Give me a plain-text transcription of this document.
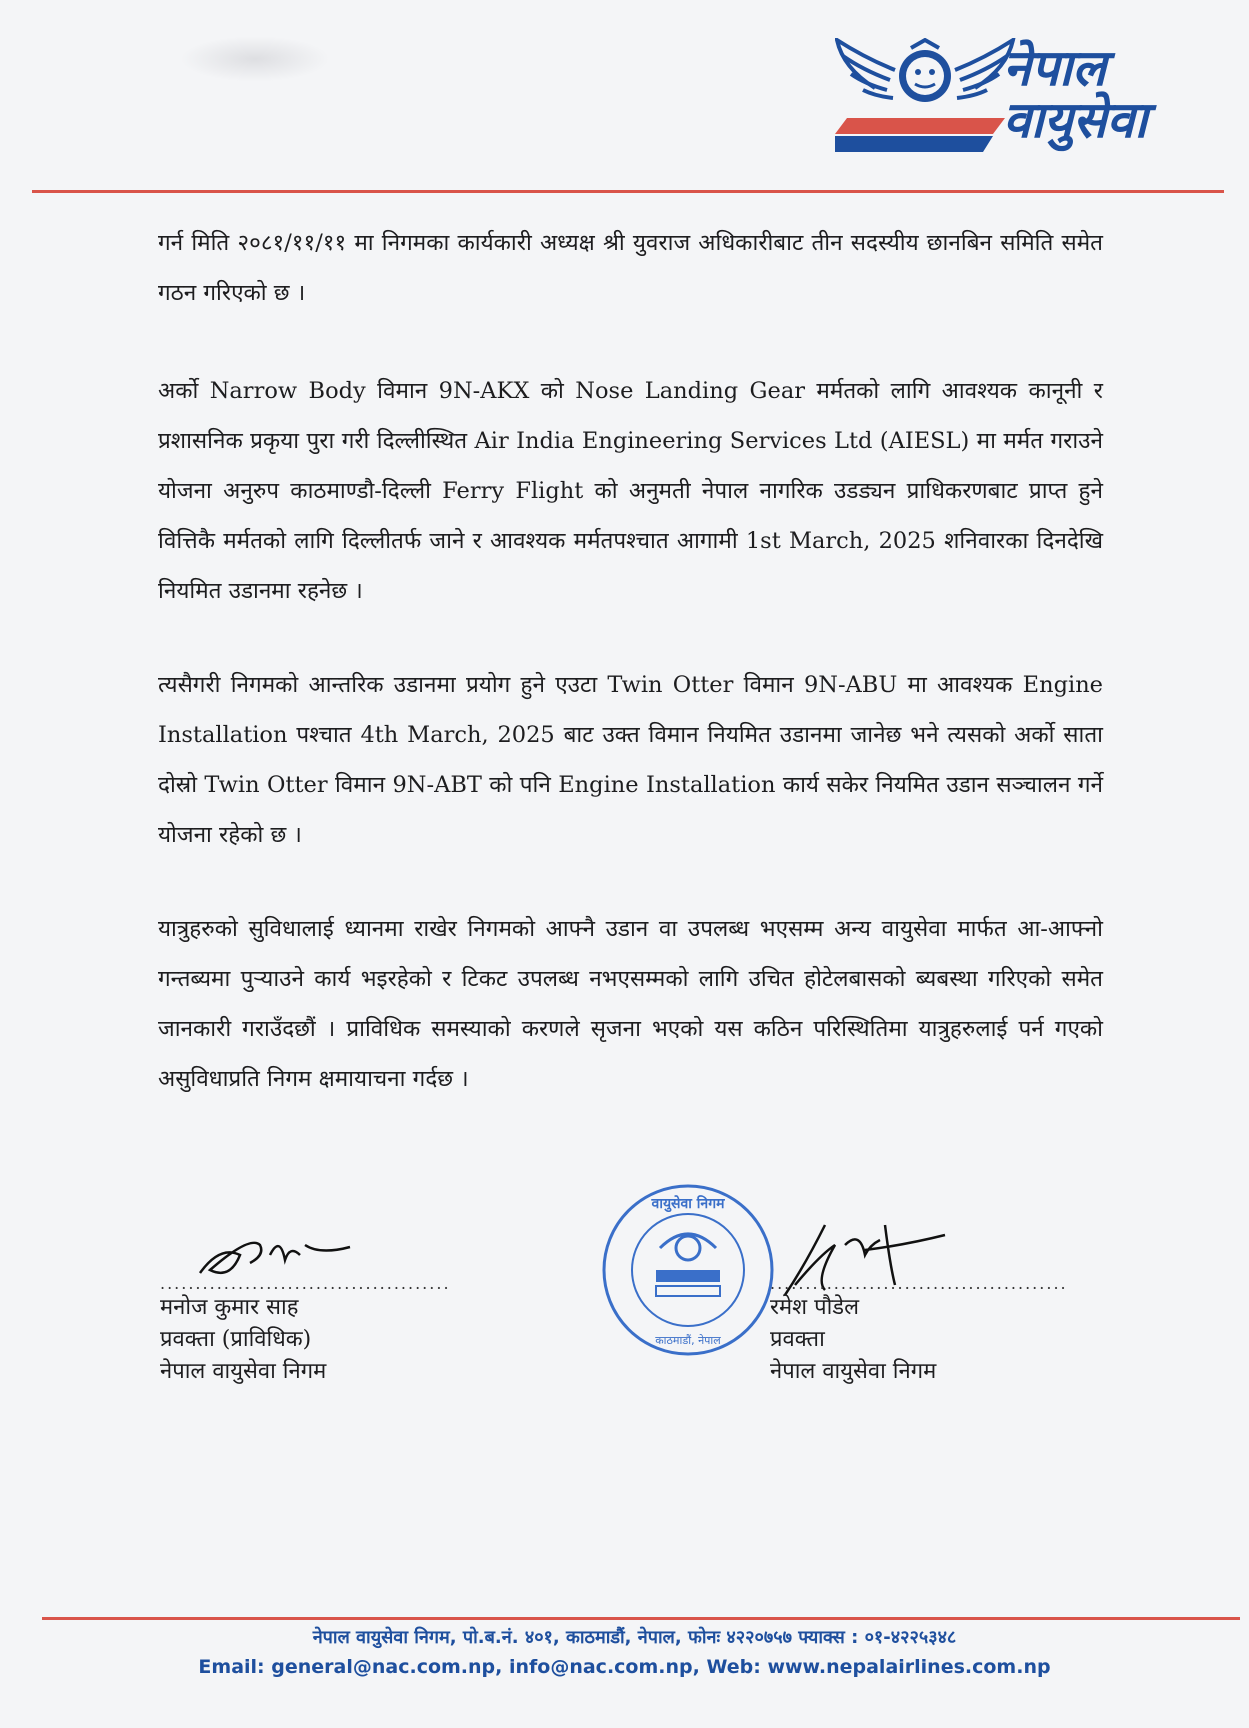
नेपाल
वायुसेवा

गर्न मिति २०८१/११/११ मा निगमका कार्यकारी अध्यक्ष श्री युवराज अधिकारीबाट तीन सदस्यीय छानबिन समिति समेत गठन गरिएको छ ।

अर्को Narrow Body विमान 9N-AKX को Nose Landing Gear मर्मतको लागि आवश्यक कानूनी र प्रशासनिक प्रकृया पुरा गरी दिल्लीस्थित Air India Engineering Services Ltd (AIESL) मा मर्मत गराउने योजना अनुरुप काठमाण्डौ-दिल्ली Ferry Flight को अनुमती नेपाल नागरिक उडड्यन प्राधिकरणबाट प्राप्त हुने वित्तिकै मर्मतको लागि दिल्लीतर्फ जाने र आवश्यक मर्मतपश्चात आगामी 1st March, 2025 शनिवारका दिनदेखि नियमित उडानमा रहनेछ ।

त्यसैगरी निगमको आन्तरिक उडानमा प्रयोग हुने एउटा Twin Otter विमान 9N-ABU मा आवश्यक Engine Installation पश्चात 4th March, 2025 बाट उक्त विमान नियमित उडानमा जानेछ भने त्यसको अर्को साता दोस्रो Twin Otter विमान 9N-ABT को पनि Engine Installation कार्य सकेर नियमित उडान सञ्चालन गर्ने योजना रहेको छ ।

यात्रुहरुको सुविधालाई ध्यानमा राखेर निगमको आफ्नै उडान वा उपलब्ध भएसम्म अन्य वायुसेवा मार्फत आ-आफ्नो गन्तब्यमा पुऱ्याउने कार्य भइरहेको र टिकट उपलब्ध नभएसम्मको लागि उचित होटेलबासको ब्यबस्था गरिएको समेत जानकारी गराउँदछौं । प्राविधिक समस्याको करणले सृजना भएको यस कठिन परिस्थितिमा यात्रुहरुलाई पर्न गएको असुविधाप्रति निगम क्षमायाचना गर्दछ ।

.........................................
मनोज कुमार साह
प्रवक्ता (प्राविधिक)
नेपाल वायुसेवा निगम
वायुसेवा निगम
काठमाडौं, नेपाल
..........................................
रमेश पौडेल
प्रवक्ता
नेपाल वायुसेवा निगम
नेपाल वायुसेवा निगम, पो.ब.नं. ४०१, काठमाडौं, नेपाल, फोनः ४२२०७५७ फ्याक्स : ०१-४२२५३४८
Email: general@nac.com.np, info@nac.com.np, Web: www.nepalairlines.com.np
